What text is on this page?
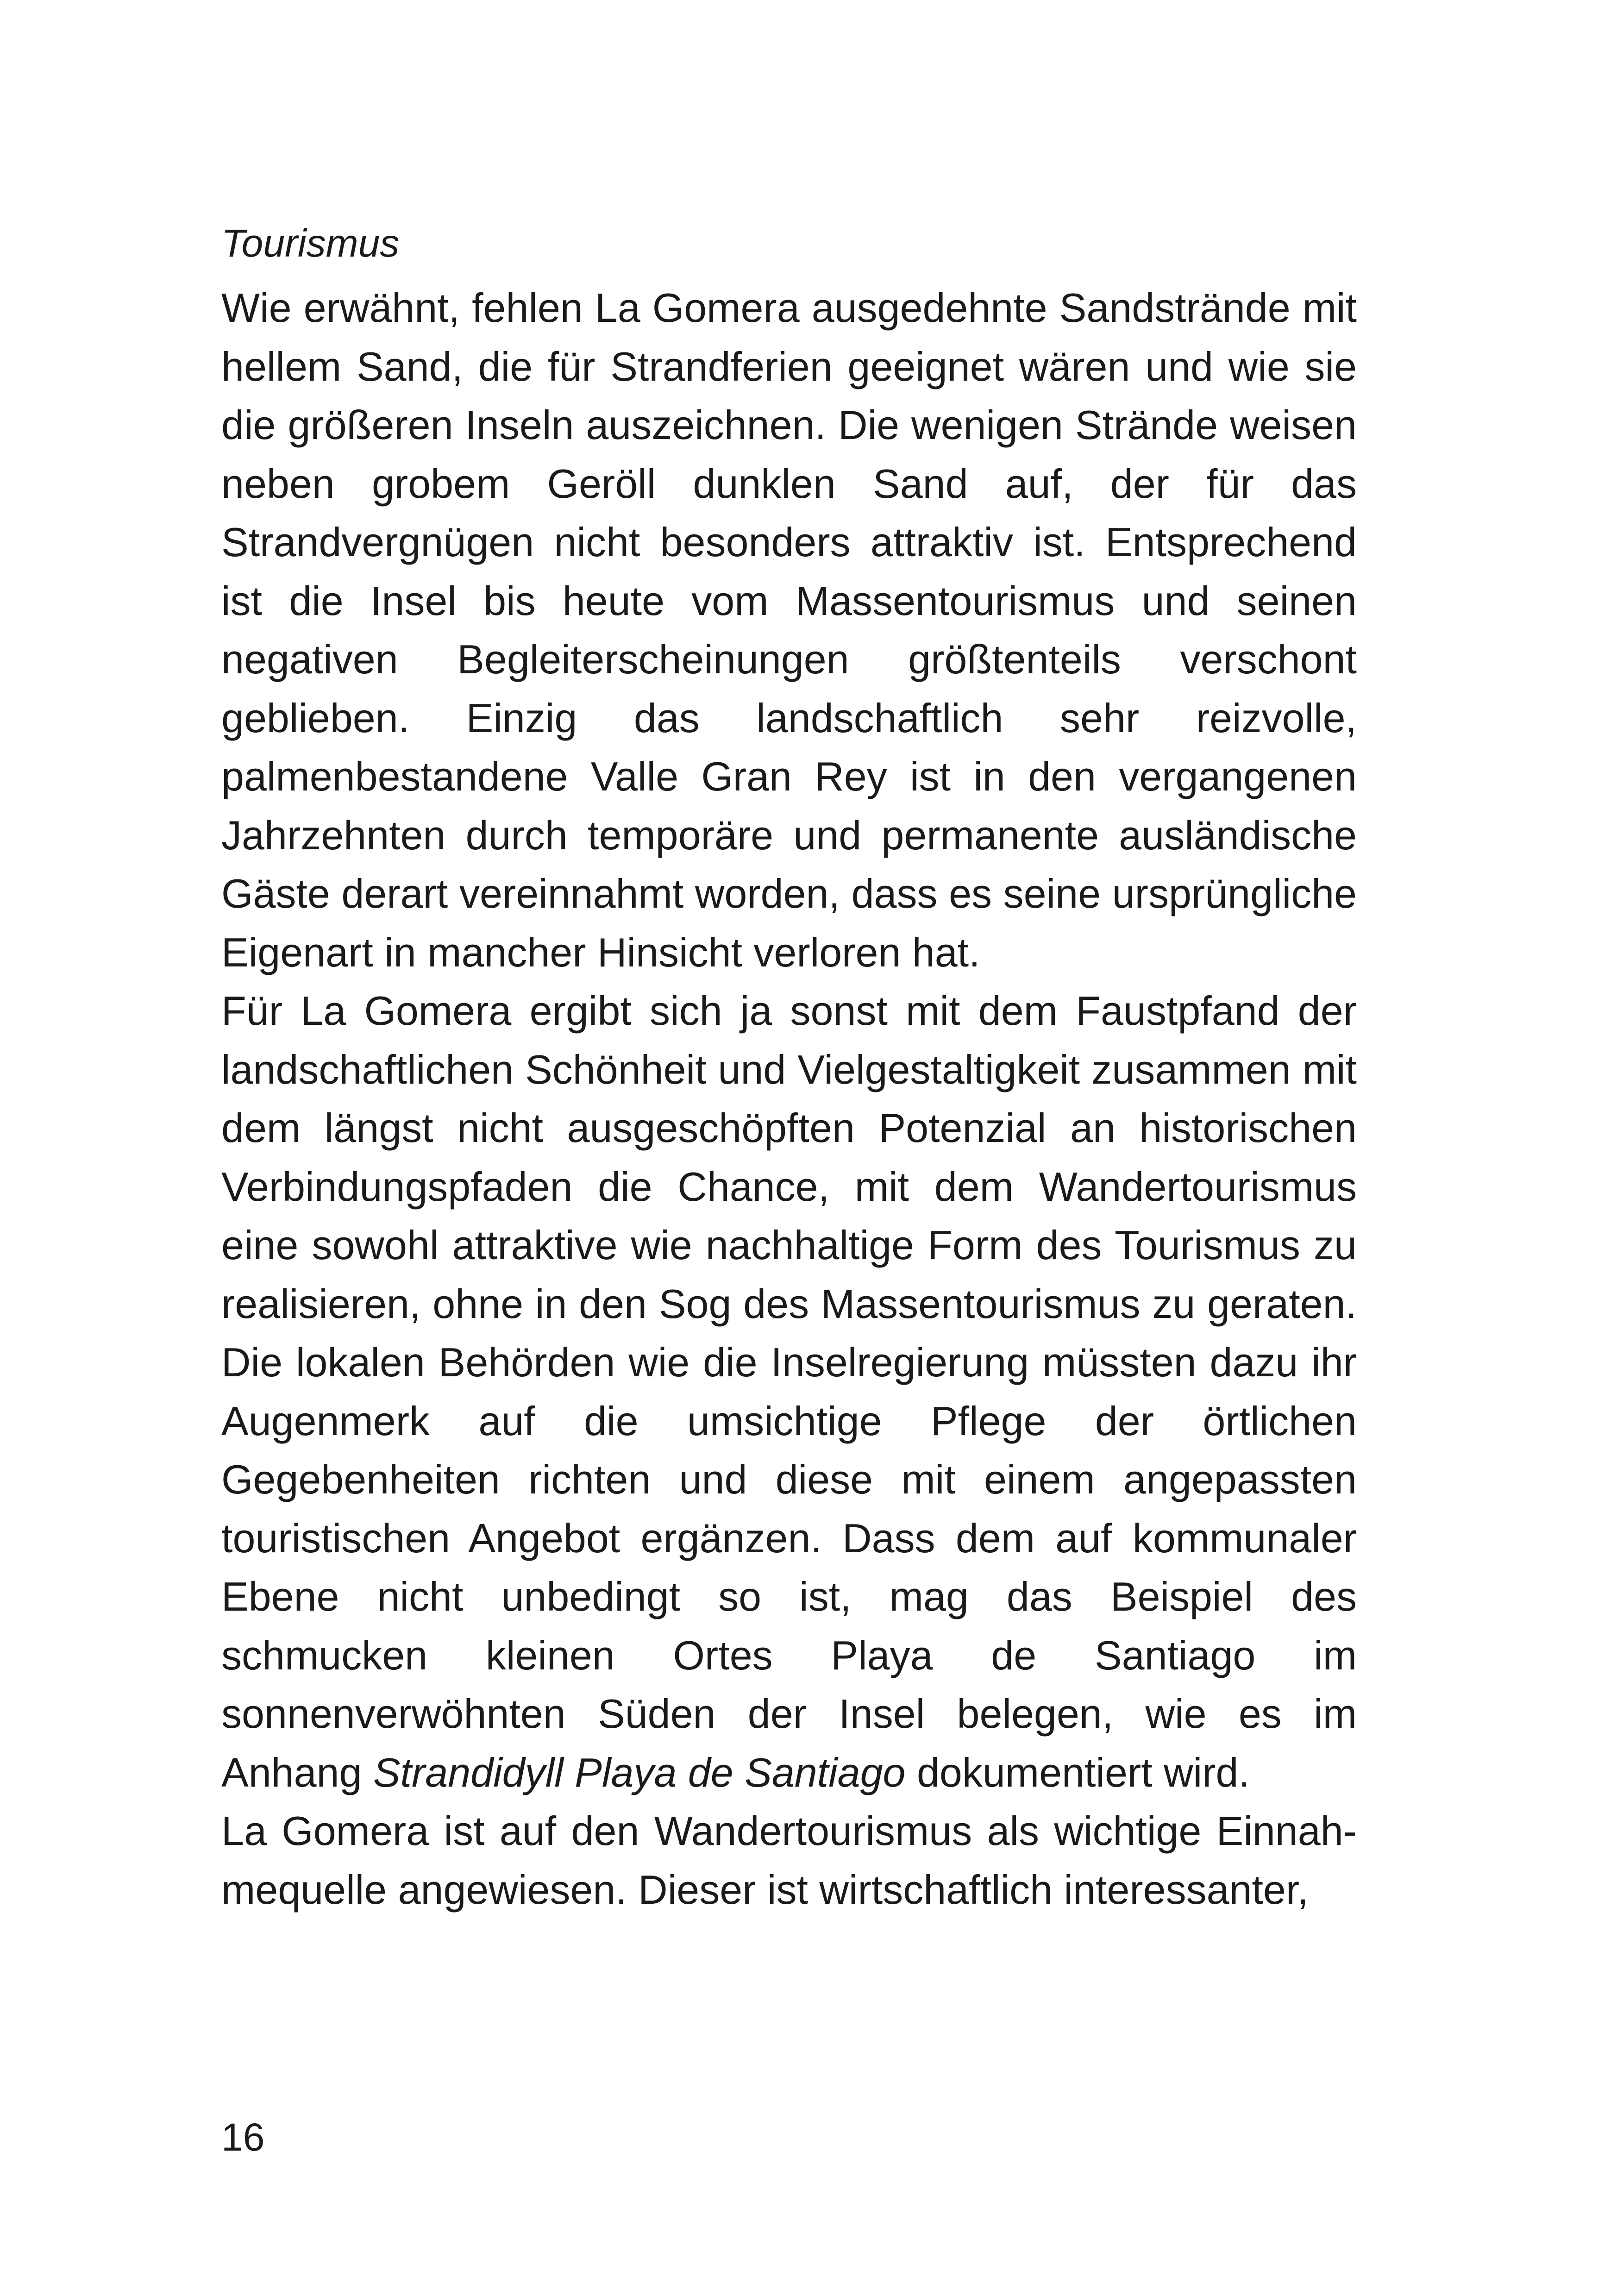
Tourismus

Wie erwähnt, fehlen La Gomera ausgedehnte Sandstrände mit hellem Sand, die für Strandferien geeignet wären und wie sie die größeren Inseln auszeichnen. Die wenigen Strände weisen neben grobem Geröll dunklen Sand auf, der für das Strandvergnügen nicht besonders attraktiv ist. Entsprechend ist die Insel bis heute vom Massentourismus und seinen negativen Begleiterscheinungen größtenteils verschont geblieben. Einzig das landschaftlich sehr reizvolle, palmenbestandene Valle Gran Rey ist in den vergangenen Jahrzehnten durch temporäre und permanente ausländische Gäste derart vereinnahmt worden, dass es seine ursprüngliche Eigenart in mancher Hinsicht verloren hat.

Für La Gomera ergibt sich ja sonst mit dem Faustpfand der landschaftlichen Schönheit und Vielgestaltigkeit zusammen mit dem längst nicht ausgeschöpften Potenzial an historischen Verbindungspfaden die Chance, mit dem Wandertourismus eine sowohl attraktive wie nachhaltige Form des Tourismus zu realisieren, ohne in den Sog des Massentourismus zu geraten. Die lokalen Behörden wie die Inselregierung müssten dazu ihr Augenmerk auf die umsichtige Pflege der örtlichen Gegebenheiten richten und diese mit einem angepassten touristischen Angebot ergänzen. Dass dem auf kommunaler Ebene nicht unbedingt so ist, mag das Beispiel des schmucken kleinen Ortes Playa de Santiago im sonnenverwöhnten Süden der Insel belegen, wie es im Anhang Strandidyll Playa de Santiago dokumentiert wird.

La Gomera ist auf den Wandertourismus als wichtige Einnahmequelle angewiesen. Dieser ist wirtschaftlich interessanter,

16
